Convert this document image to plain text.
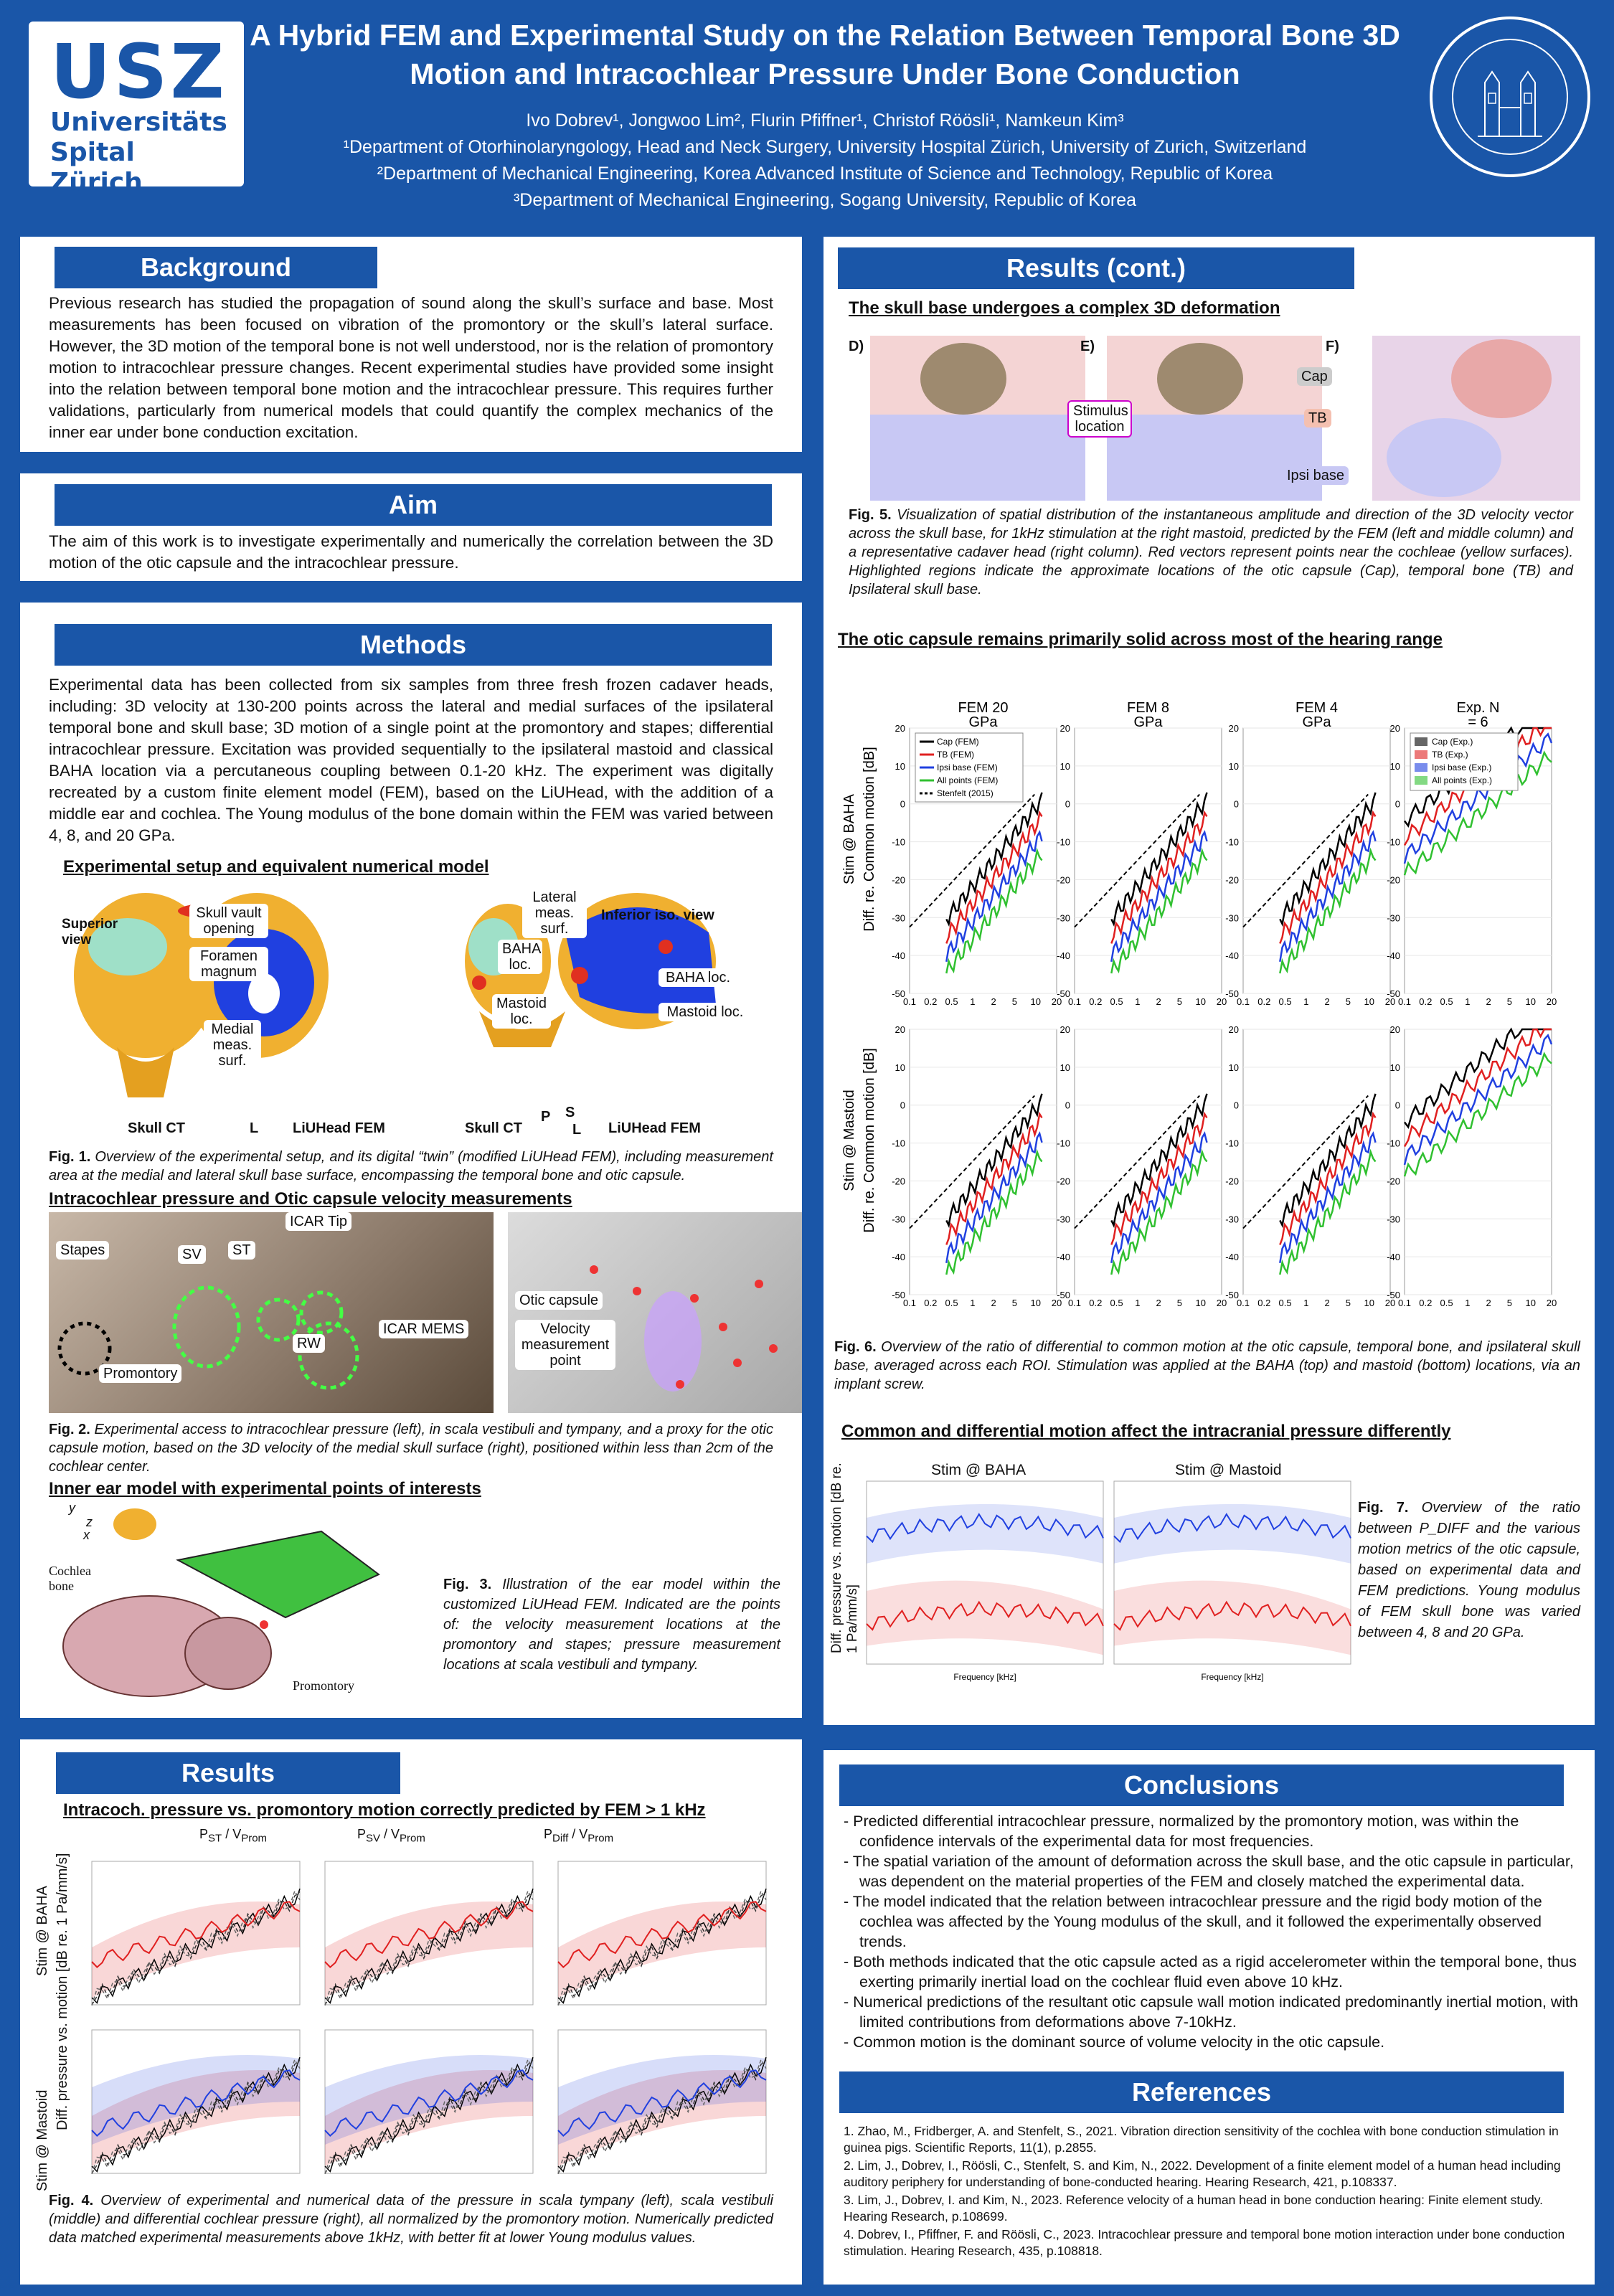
USZ
Universitäts
Spital Zürich
A Hybrid FEM and Experimental Study on the Relation Between Temporal Bone 3D
Motion and Intracochlear Pressure Under Bone Conduction
Ivo Dobrev¹, Jongwoo Lim², Flurin Pfiffner¹, Christof Röösli¹, Namkeun Kim³
¹Department of Otorhinolaryngology, Head and Neck Surgery, University Hospital Zürich, University of Zurich, Switzerland
²Department of Mechanical Engineering, Korea Advanced Institute of Science and Technology, Republic of Korea
³Department of Mechanical Engineering, Sogang University, Republic of Korea
Background
Previous research has studied the propagation of sound along the skull’s surface and base. Most measurements has been focused on vibration of the promontory or the skull’s lateral surface. However, the 3D motion of the temporal bone is not well understood, nor is the relation of promontory motion to intracochlear pressure changes. Recent experimental studies have provided some insight into the relation between temporal bone motion and the intracochlear pressure. This requires further validations, particularly from numerical models that could quantify the complex mechanics of the inner ear under bone conduction excitation.
Aim
The aim of this work is to investigate experimentally and numerically the correlation between the 3D motion of the otic capsule and the intracochlear pressure.
Methods
Experimental data has been collected from six samples from three fresh frozen cadaver heads, including: 3D velocity at 130-200 points across the lateral and medial surfaces of the ipsilateral temporal bone and skull base; 3D motion of a single point at the promontory and stapes; differential intracochlear pressure. Excitation was provided sequentially to the ipsilateral mastoid and classical BAHA location via a percutaneous coupling between 0.1-20 kHz. The experiment was digitally recreated by a custom finite element model (FEM), based on the LiUHead, with the addition of a middle ear and cochlea. The Young modulus of the bone domain within the FEM was varied between 4, 8, and 20 GPa.
Experimental setup and equivalent numerical model
Superior view
Skull vault opening
Foramen magnum
Medial meas. surf.
Skull CT	L LiUHead FEM
Lateral meas. surf.
Inferior iso. view
BAHA loc.
Mastoid loc.
BAHA loc.
Mastoid loc.
Skull CT
P S
L LiUHead FEM
Fig. 1. Overview of the experimental setup, and its digital “twin” (modified LiUHead FEM), including measurement area at the medial and lateral skull base surface, encompassing the temporal bone and otic capsule.
Intracochlear pressure and Otic capsule velocity measurements
Stapes	SV	ST
ICAR Tip
RW
ICAR MEMS
Promontory
Otic capsule
Velocity measurement point
Fig. 2. Experimental access to intracochlear pressure (left), in scala vestibuli and tympany, and a proxy for the otic capsule motion, based on the 3D velocity of the medial skull surface (right), positioned within less than 2cm of the cochlear center.
Inner ear model with experimental points of interests
y
z
x
Cochlea bone
Promontory
Fig. 3. Illustration of the ear model within the customized LiUHead FEM. Indicated are the points of: the velocity measurement locations at the promontory and stapes; pressure measurement locations at scala vestibuli and tympany.
Results
Intracoch. pressure vs. promontory motion correctly predicted by FEM > 1 kHz
$P_{ST} / V_{Prom}$	$P_{SV} / V_{Prom}$	$P_{Diff} / V_{Prom}$
Stim @ BAHA
Stim @ Mastoid
Diff. pressure vs. motion [dB re. 1 Pa/mm/s]
Fig. 4. Overview of experimental and numerical data of the pressure in scala tympany (left), scala vestibuli (middle) and differential cochlear pressure (right), all normalized by the promontory motion. Numerically predicted data matched experimental measurements above 1kHz, with better fit at lower Young modulus values.
Results (cont.)
The skull base undergoes a complex 3D deformation
D)	E)	F)
Stimulus location
Cap
TB
Ipsi base
Fig. 5. Visualization of spatial distribution of the instantaneous amplitude and direction of the 3D velocity vector across the skull base, for 1kHz stimulation at the right mastoid, predicted by the FEM (left and middle column) and a representative cadaver head (right column). Red vectors represent points near the cochleae (yellow surfaces). Highlighted regions indicate the approximate locations of the otic capsule (Cap), temporal bone (TB) and Ipsilateral skull base.
The otic capsule remains primarily solid across most of the hearing range
Stim @ BAHA
Stim @ Mastoid
Diff. re. Common motion [dB]
Diff. re. Common motion [dB]
20
10
0
-10
-20
-30
-40
-50
0.1 0.2 0.5 1 2 5 10 20
FEM 20
GPa	20
10
0
-10
-20
-30
-40
-50
0.1 0.2 0.5 1 2 5 10 20
FEM 8
GPa	20
10
0
-10
-20
-30
-40
-50
0.1 0.2 0.5 1 2 5 10 20
FEM 4
GPa	20
10
0
-10
-20
-30
-40
-50
0.1 0.2 0.5 1 2 5 10 20
Exp. N
= 6
20
10
0
-10
-20
-30
-40
-50
0.1 0.2 0.5 1 2 5 10 20
20
10
0
-10
-20
-30
-40
-50
0.1 0.2 0.5 1 2 5 10 20
20
10
0
-10
-20
-30
-40
-50
0.1 0.2 0.5 1 2 5 10 20
20
10
0
-10
-20
-30
-40
-50
0.1 0.2 0.5 1 2 5 10 20
Cap (FEM)
TB (FEM)
Ipsi base (FEM)
All points (FEM)
Stenfelt (2015)
Cap (Exp.)
TB (Exp.)
Ipsi base (Exp.)
All points (Exp.)
Fig. 6. Overview of the ratio of differential to common motion at the otic capsule, temporal bone, and ipsilateral skull base, averaged across each ROI. Stimulation was applied at the BAHA (top) and mastoid (bottom) locations, via an implant screw.
Common and differential motion affect the intracranial pressure differently
Stim @ BAHA	Stim @ Mastoid
Diff. pressure vs. motion [dB re. 1 Pa/mm/s]
Frequency [kHz]	Frequency [kHz]
Fig. 7. Overview of the ratio between P_DIFF and the various motion metrics of the otic capsule, based on experimental data and FEM predictions. Young modulus of FEM skull bone was varied between 4, 8 and 20 GPa.
Conclusions
- Predicted differential intracochlear pressure, normalized by the promontory motion, was within the confidence intervals of the experimental data for most frequencies.
- The spatial variation of the amount of deformation across the skull base, and the otic capsule in particular, was dependent on the material properties of the FEM and closely matched the experimental data.
- The model indicated that the relation between intracochlear pressure and the rigid body motion of the cochlea was affected by the Young modulus of the skull, and it followed the experimentally observed trends.
- Both methods indicated that the otic capsule acted as a rigid accelerometer within the temporal bone, thus exerting primarily inertial load on the cochlear fluid even above 10 kHz.
- Numerical predictions of the resultant otic capsule wall motion indicated predominantly inertial motion, with limited contributions from deformations above 7-10kHz.
- Common motion is the dominant source of volume velocity in the otic capsule.
References
1. Zhao, M., Fridberger, A. and Stenfelt, S., 2021. Vibration direction sensitivity of the cochlea with bone conduction stimulation in guinea pigs. Scientific Reports, 11(1), p.2855.
2. Lim, J., Dobrev, I., Röösli, C., Stenfelt, S. and Kim, N., 2022. Development of a finite element model of a human head including auditory periphery for understanding of bone-conducted hearing. Hearing Research, 421, p.108337.
3. Lim, J., Dobrev, I. and Kim, N., 2023. Reference velocity of a human head in bone conduction hearing: Finite element study. Hearing Research, p.108699.
4. Dobrev, I., Pfiffner, F. and Röösli, C., 2023. Intracochlear pressure and temporal bone motion interaction under bone conduction stimulation. Hearing Research, 435, p.108818.
